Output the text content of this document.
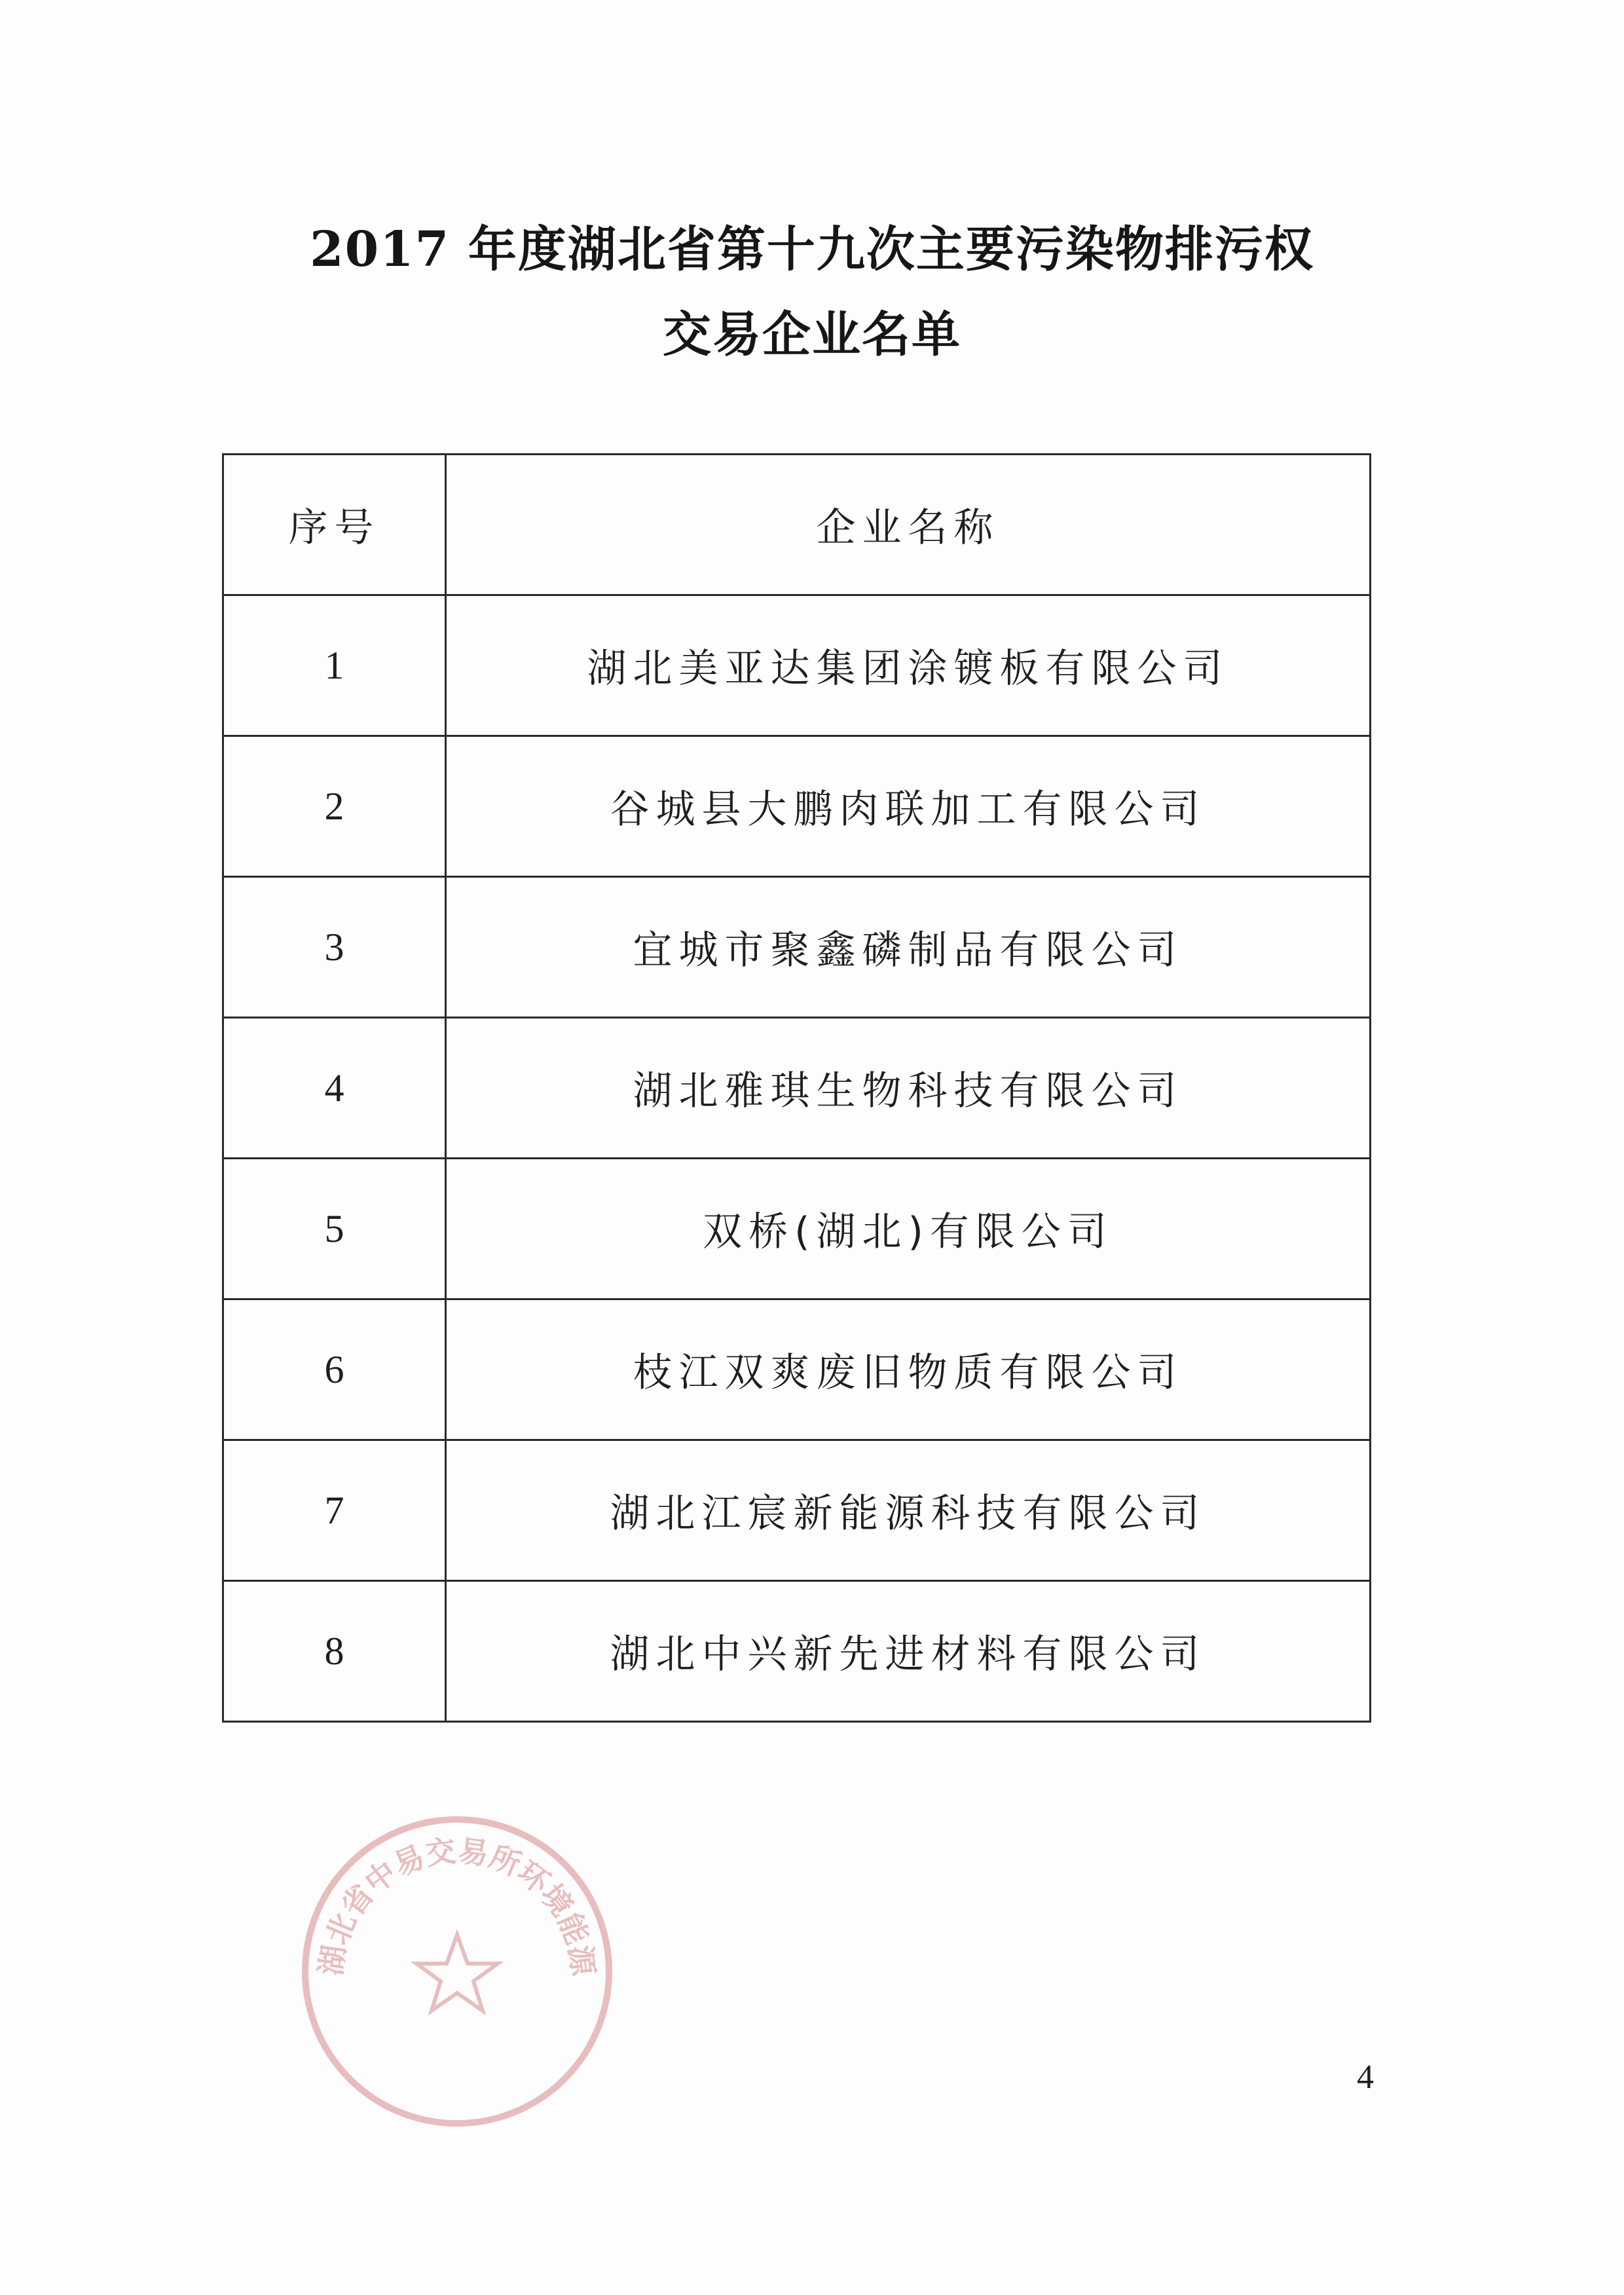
2017 年度湖北省第十九次主要污染物排污权
交易企业名单
序号	企业名称
1	湖北美亚达集团涂镀板有限公司
2	谷城县大鹏肉联加工有限公司
3	宜城市聚鑫磷制品有限公司
4	湖北雅琪生物科技有限公司
5	双桥(湖北)有限公司
6	枝江双爽废旧物质有限公司
7	湖北江宸新能源科技有限公司
8	湖北中兴新先进材料有限公司
湖北省中易交易所环境能源
4
